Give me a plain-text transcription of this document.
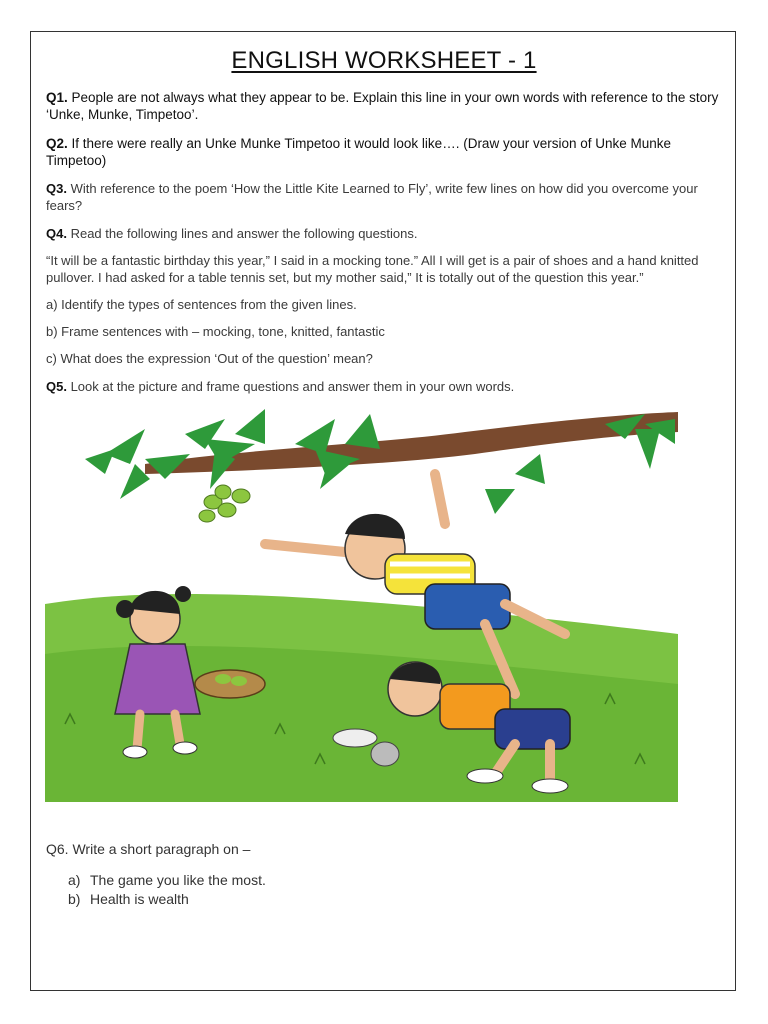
ENGLISH WORKSHEET - 1
Q1. People are not always what they appear to be. Explain this line in your own words with reference to the story ‘Unke, Munke, Timpetoo’.
Q2. If there were really an Unke Munke Timpetoo it would look like…. (Draw your version of Unke Munke Timpetoo)
Q3. With reference to the poem ‘How the Little Kite Learned to Fly’, write few lines on how did you overcome your fears?
Q4. Read the following lines and answer the following questions.
“It will be a fantastic birthday this year,” I said in a mocking tone.” All I will get is a pair of shoes and a hand knitted pullover. I had asked for a table tennis set, but my mother said,” It is totally out of the question this year.”
a) Identify the types of sentences from the given lines.
b) Frame sentences with – mocking, tone, knitted, fantastic
c) What does the expression ‘Out of the question’ mean?
Q5. Look at the picture and frame questions and answer them in your own words.
Q6. Write a short paragraph on –
a) The game you like the most.
b) Health is wealth
